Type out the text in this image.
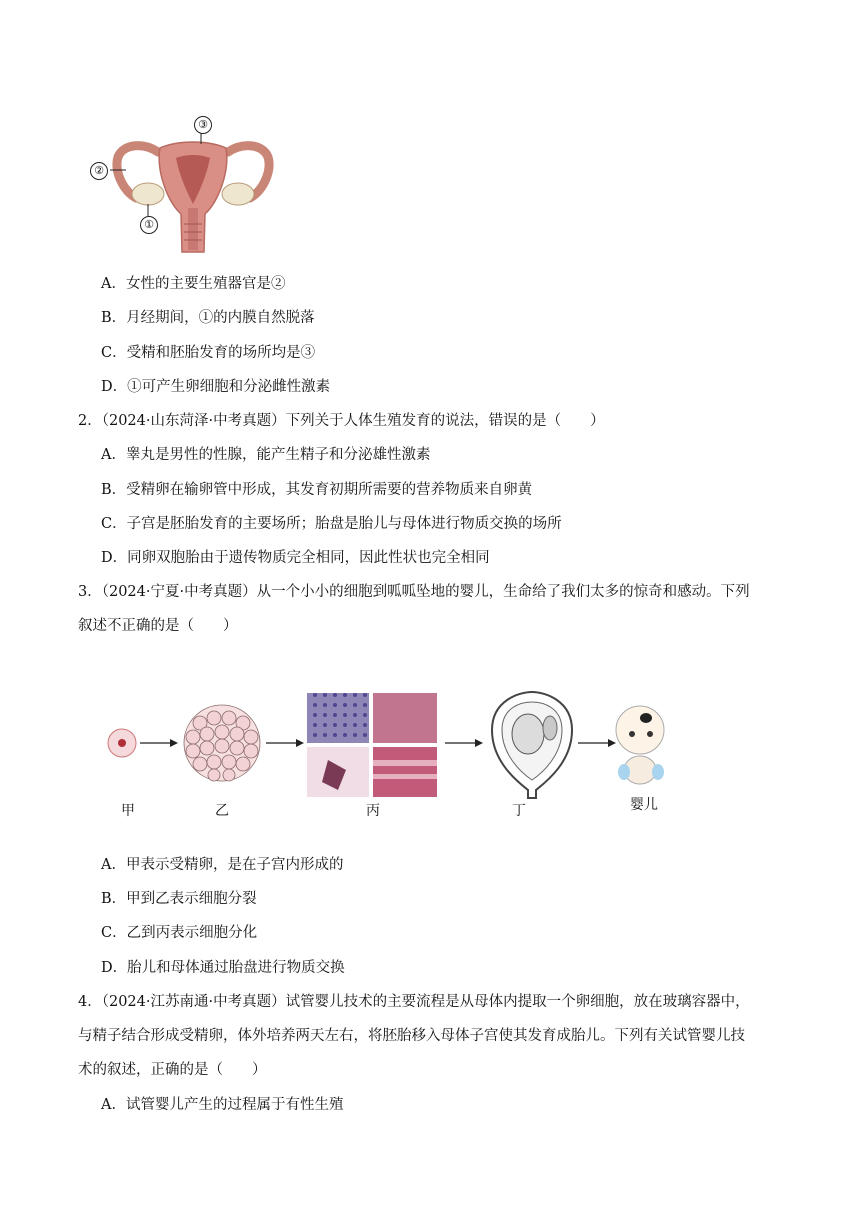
③
②
①
A．女性的主要生殖器官是②
B．月经期间，①的内膜自然脱落
C．受精和胚胎发育的场所均是③
D．①可产生卵细胞和分泌雌性激素
2．（2024·山东菏泽·中考真题）下列关于人体生殖发育的说法，错误的是（　　）
A．睾丸是男性的性腺，能产生精子和分泌雄性激素
B．受精卵在输卵管中形成，其发育初期所需要的营养物质来自卵黄
C．子宫是胚胎发育的主要场所；胎盘是胎儿与母体进行物质交换的场所
D．同卵双胞胎由于遗传物质完全相同，因此性状也完全相同
3．（2024·宁夏·中考真题）从一个小小的细胞到呱呱坠地的婴儿，生命给了我们太多的惊奇和感动。下列
叙述不正确的是（　　）
甲	乙	丙	丁	婴儿
A．甲表示受精卵，是在子宫内形成的
B．甲到乙表示细胞分裂
C．乙到丙表示细胞分化
D．胎儿和母体通过胎盘进行物质交换
4．（2024·江苏南通·中考真题）试管婴儿技术的主要流程是从母体内提取一个卵细胞，放在玻璃容器中，
与精子结合形成受精卵，体外培养两天左右，将胚胎移入母体子宫使其发育成胎儿。下列有关试管婴儿技
术的叙述，正确的是（　　）
A．试管婴儿产生的过程属于有性生殖
